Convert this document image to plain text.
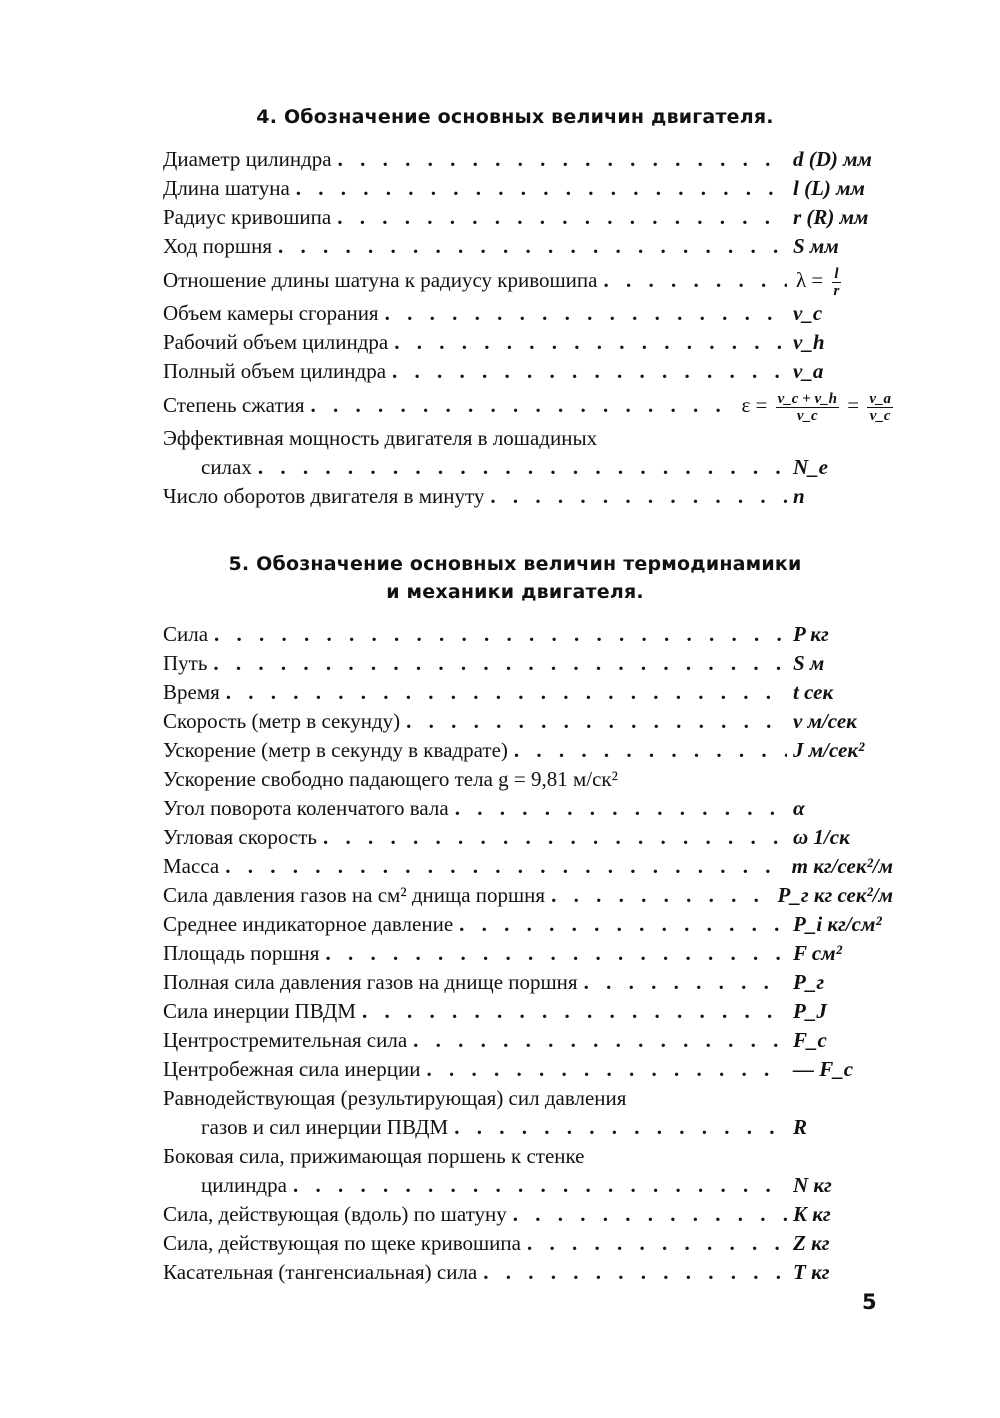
4. Обозначение основных величин двигателя.
Диаметр цилиндра . . .	d (D) мм
Длина шатуна . . .	l (L) мм
Радиус кривошипа . . .	r (R) мм
Ход поршня . . .	S мм
Отношение длины шатуна к радиусу кривошипа . . .	$\lambda = \frac{l}{r}$
Объем камеры сгорания . . .	v_c
Рабочий объем цилиндра . . .	v_h
Полный объем цилиндра . . .	v_a
Степень сжатия . . .	$\varepsilon = \frac{v\_c + v\_h}{v\_c} = \frac{v\_a}{v\_c}$
Эффективная мощность двигателя в лошадиных
силах . . .	N_e
Число оборотов двигателя в минуту . . .	n
5. Обозначение основных величин термодинамики
и механики двигателя.
Сила . . .	P кг
Путь . . .	S м
Время . . .	t сек
Скорость (метр в секунду) . . .	v м/сек
Ускорение (метр в секунду в квадрате) . . .	J м/сек²
Ускорение свободно падающего тела g = 9,81 м/ск²
Угол поворота коленчатого вала . . .	α
Угловая скорость . . .	ω 1/ск
Масса . . .	m кг/сек²/м
Сила давления газов на см² днища поршня . . .	P_г кг сек²/м
Среднее индикаторное давление . . .	P_i кг/см²
Площадь поршня . . .	F см²
Полная сила давления газов на днище поршня . . .	P_г
Сила инерции ПВДМ . . .	P_J
Центростремительная сила . . .	F_c
Центробежная сила инерции . . .	— F_c
Равнодействующая (результирующая) сил давления
газов и сил инерции ПВДМ . . .	R
Боковая сила, прижимающая поршень к стенке
цилиндра . . .	N кг
Сила, действующая (вдоль) по шатуну . . .	K кг
Сила, действующая по щеке кривошипа . . .	Z кг
Касательная (тангенсиальная) сила . . .	T кг
5
